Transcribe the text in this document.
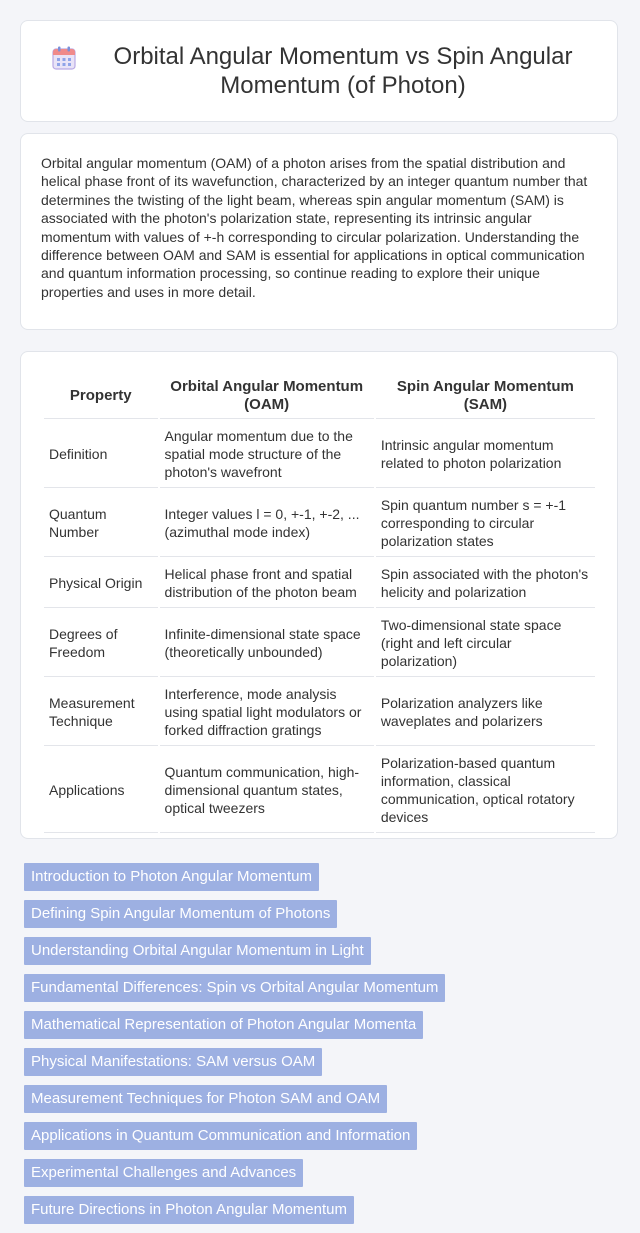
Orbital Angular Momentum vs Spin Angular Momentum (of Photon)

Orbital angular momentum (OAM) of a photon arises from the spatial distribution and helical phase front of its wavefunction, characterized by an integer quantum number that determines the twisting of the light beam, whereas spin angular momentum (SAM) is associated with the photon's polarization state, representing its intrinsic angular momentum with values of +-h corresponding to circular polarization. Understanding the difference between OAM and SAM is essential for applications in optical communication and quantum information processing, so continue reading to explore their unique properties and uses in more detail.

Property	Orbital Angular Momentum (OAM)	Spin Angular Momentum (SAM)
Definition	Angular momentum due to the spatial mode structure of the photon's wavefront	Intrinsic angular momentum related to photon polarization
Quantum Number	Integer values l = 0, +-1, +-2, ... (azimuthal mode index)	Spin quantum number s = +-1 corresponding to circular polarization states
Physical Origin	Helical phase front and spatial distribution of the photon beam	Spin associated with the photon's helicity and polarization
Degrees of Freedom	Infinite-dimensional state space (theoretically unbounded)	Two-dimensional state space (right and left circular polarization)
Measurement Technique	Interference, mode analysis using spatial light modulators or forked diffraction gratings	Polarization analyzers like waveplates and polarizers
Applications	Quantum communication, high-dimensional quantum states, optical tweezers	Polarization-based quantum information, classical communication, optical rotatory devices
Introduction to Photon Angular Momentum
Defining Spin Angular Momentum of Photons
Understanding Orbital Angular Momentum in Light
Fundamental Differences: Spin vs Orbital Angular Momentum
Mathematical Representation of Photon Angular Momenta
Physical Manifestations: SAM versus OAM
Measurement Techniques for Photon SAM and OAM
Applications in Quantum Communication and Information
Experimental Challenges and Advances
Future Directions in Photon Angular Momentum
